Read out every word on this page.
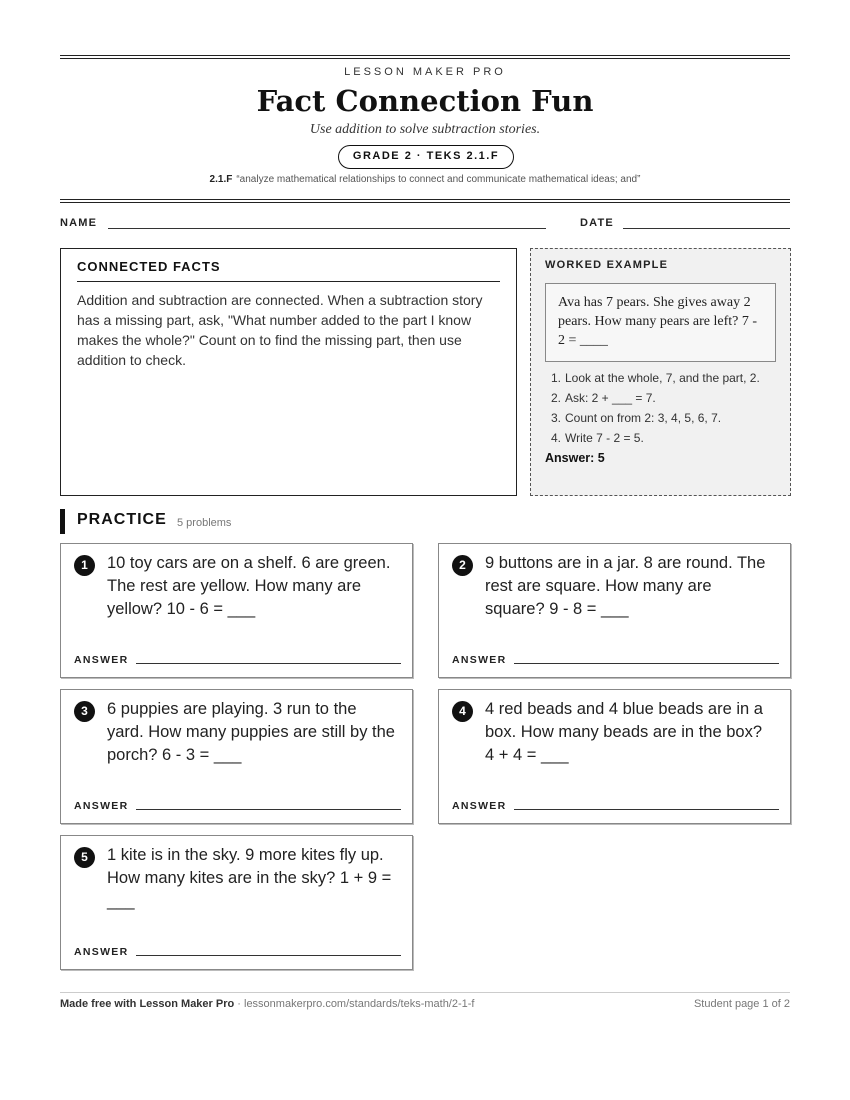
LESSON MAKER PRO
Fact Connection Fun
Use addition to solve subtraction stories.
GRADE 2 · TEKS 2.1.F
2.1.F “analyze mathematical relationships to connect and communicate mathematical ideas; and”
NAME	DATE
CONNECTED FACTS
Addition and subtraction are connected. When a subtraction story has a missing part, ask, "What number added to the part I know makes the whole?" Count on to find the missing part, then use addition to check.
WORKED EXAMPLE
Ava has 7 pears. She gives away 2 pears. How many pears are left? 7 - 2 = ____
1. Look at the whole, 7, and the part, 2.
2. Ask: 2 + ___ = 7.
3. Count on from 2: 3, 4, 5, 6, 7.
4. Write 7 - 2 = 5.
Answer: 5
PRACTICE 5 problems
1	10 toy cars are on a shelf. 6 are green. The rest are yellow. How many are yellow? 10 - 6 = ___
ANSWER
2	9 buttons are in a jar. 8 are round. The rest are square. How many are square? 9 - 8 = ___
ANSWER
3	6 puppies are playing. 3 run to the yard. How many puppies are still by the porch? 6 - 3 = ___
ANSWER
4	4 red beads and 4 blue beads are in a box. How many beads are in the box? 4 + 4 = ___
ANSWER
5	1 kite is in the sky. 9 more kites fly up. How many kites are in the sky? 1 + 9 = ___
ANSWER
Made free with Lesson Maker Pro · lessonmakerpro.com/standards/teks-math/2-1-f	Student page 1 of 2
